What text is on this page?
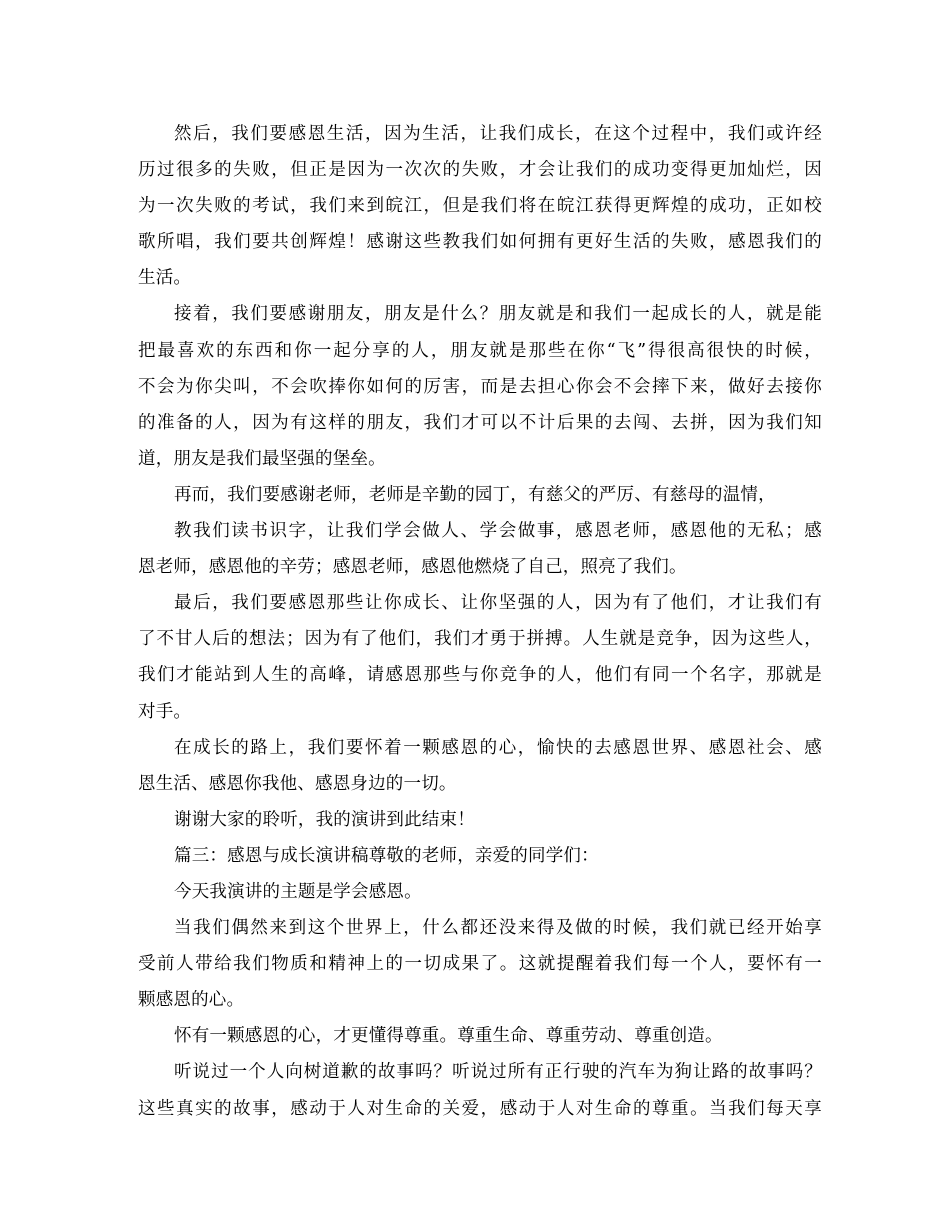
然后，我们要感恩生活，因为生活，让我们成长，在这个过程中，我们或许经
历过很多的失败，但正是因为一次次的失败，才会让我们的成功变得更加灿烂，因
为一次失败的考试，我们来到皖江，但是我们将在皖江获得更辉煌的成功，正如校
歌所唱，我们要共创辉煌！感谢这些教我们如何拥有更好生活的失败，感恩我们的
生活。
接着，我们要感谢朋友，朋友是什么？朋友就是和我们一起成长的人，就是能
把最喜欢的东西和你一起分享的人，朋友就是那些在你“飞”得很高很快的时候，
不会为你尖叫，不会吹捧你如何的厉害，而是去担心你会不会摔下来，做好去接你
的准备的人，因为有这样的朋友，我们才可以不计后果的去闯、去拼，因为我们知
道，朋友是我们最坚强的堡垒。
再而，我们要感谢老师，老师是辛勤的园丁，有慈父的严厉、有慈母的温情，
教我们读书识字，让我们学会做人、学会做事，感恩老师，感恩他的无私；感
恩老师，感恩他的辛劳；感恩老师，感恩他燃烧了自己，照亮了我们。
最后，我们要感恩那些让你成长、让你坚强的人，因为有了他们，才让我们有
了不甘人后的想法；因为有了他们，我们才勇于拼搏。人生就是竞争，因为这些人，
我们才能站到人生的高峰，请感恩那些与你竞争的人，他们有同一个名字，那就是
对手。
在成长的路上，我们要怀着一颗感恩的心，愉快的去感恩世界、感恩社会、感
恩生活、感恩你我他、感恩身边的一切。
谢谢大家的聆听，我的演讲到此结束！
篇三：感恩与成长演讲稿尊敬的老师，亲爱的同学们：
今天我演讲的主题是学会感恩。
当我们偶然来到这个世界上，什么都还没来得及做的时候，我们就已经开始享
受前人带给我们物质和精神上的一切成果了。这就提醒着我们每一个人，要怀有一
颗感恩的心。
怀有一颗感恩的心，才更懂得尊重。尊重生命、尊重劳动、尊重创造。
听说过一个人向树道歉的故事吗？听说过所有正行驶的汽车为狗让路的故事吗？
这些真实的故事，感动于人对生命的关爱，感动于人对生命的尊重。当我们每天享
